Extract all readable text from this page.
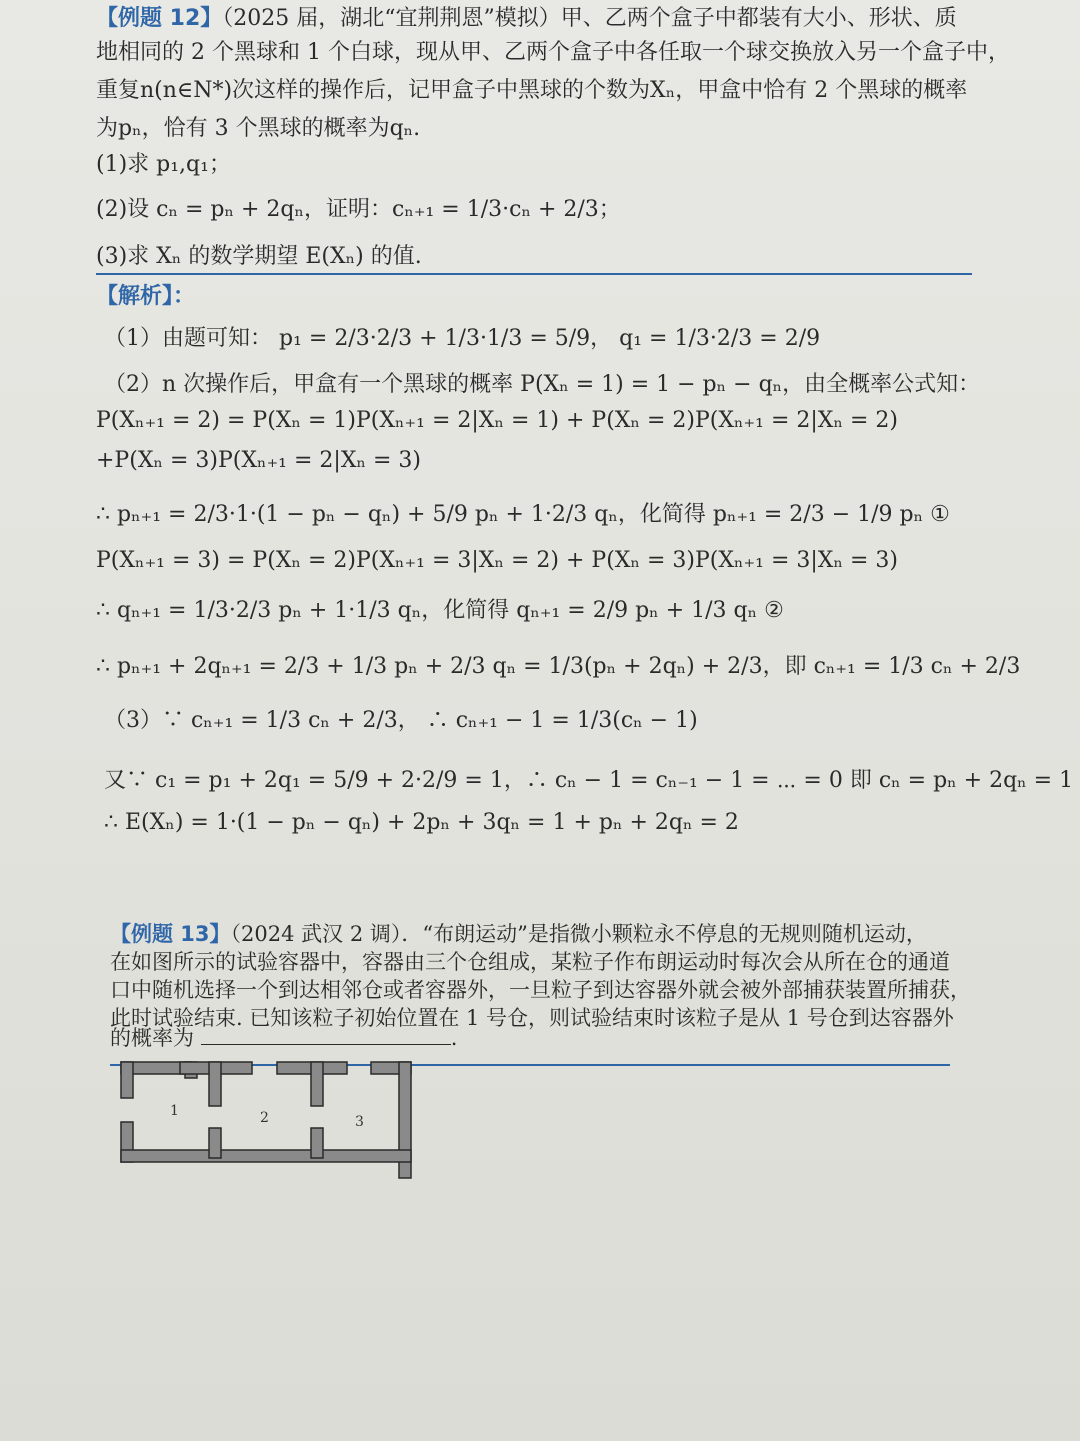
【例题 12】（2025 届，湖北“宜荆荆恩”模拟）甲、乙两个盒子中都装有大小、形状、质
地相同的 2 个黑球和 1 个白球，现从甲、乙两个盒子中各任取一个球交换放入另一个盒子中，
重复n(n∈N*)次这样的操作后，记甲盒子中黑球的个数为Xₙ，甲盒中恰有 2 个黑球的概率
为pₙ，恰有 3 个黑球的概率为qₙ.
(1)求 p₁,q₁；
(2)设 cₙ = pₙ + 2qₙ，证明：cₙ₊₁ = 1/3·cₙ + 2/3；
(3)求 Xₙ 的数学期望 E(Xₙ) 的值.
【解析】：
（1）由题可知： p₁ = 2/3·2/3 + 1/3·1/3 = 5/9， q₁ = 1/3·2/3 = 2/9
（2）n 次操作后，甲盒有一个黑球的概率 P(Xₙ = 1) = 1 − pₙ − qₙ，由全概率公式知：
P(Xₙ₊₁ = 2) = P(Xₙ = 1)P(Xₙ₊₁ = 2|Xₙ = 1) + P(Xₙ = 2)P(Xₙ₊₁ = 2|Xₙ = 2)
+P(Xₙ = 3)P(Xₙ₊₁ = 2|Xₙ = 3)
∴ pₙ₊₁ = 2/3·1·(1 − pₙ − qₙ) + 5/9 pₙ + 1·2/3 qₙ，化简得 pₙ₊₁ = 2/3 − 1/9 pₙ ①
P(Xₙ₊₁ = 3) = P(Xₙ = 2)P(Xₙ₊₁ = 3|Xₙ = 2) + P(Xₙ = 3)P(Xₙ₊₁ = 3|Xₙ = 3)
∴ qₙ₊₁ = 1/3·2/3 pₙ + 1·1/3 qₙ，化简得 qₙ₊₁ = 2/9 pₙ + 1/3 qₙ ②
∴ pₙ₊₁ + 2qₙ₊₁ = 2/3 + 1/3 pₙ + 2/3 qₙ = 1/3(pₙ + 2qₙ) + 2/3，即 cₙ₊₁ = 1/3 cₙ + 2/3
（3）∵ cₙ₊₁ = 1/3 cₙ + 2/3， ∴ cₙ₊₁ − 1 = 1/3(cₙ − 1)
又∵ c₁ = p₁ + 2q₁ = 5/9 + 2·2/9 = 1，∴ cₙ − 1 = cₙ₋₁ − 1 = ⋯ = 0 即 cₙ = pₙ + 2qₙ = 1
∴ E(Xₙ) = 1·(1 − pₙ − qₙ) + 2pₙ + 3qₙ = 1 + pₙ + 2qₙ = 2
【例题 13】（2024 武汉 2 调）．“布朗运动”是指微小颗粒永不停息的无规则随机运动，
在如图所示的试验容器中，容器由三个仓组成，某粒子作布朗运动时每次会从所在仓的通道
口中随机选择一个到达相邻仓或者容器外，一旦粒子到达容器外就会被外部捕获装置所捕获，
此时试验结束. 已知该粒子初始位置在 1 号仓，则试验结束时该粒子是从 1 号仓到达容器外
的概率为	.
1	2	3
